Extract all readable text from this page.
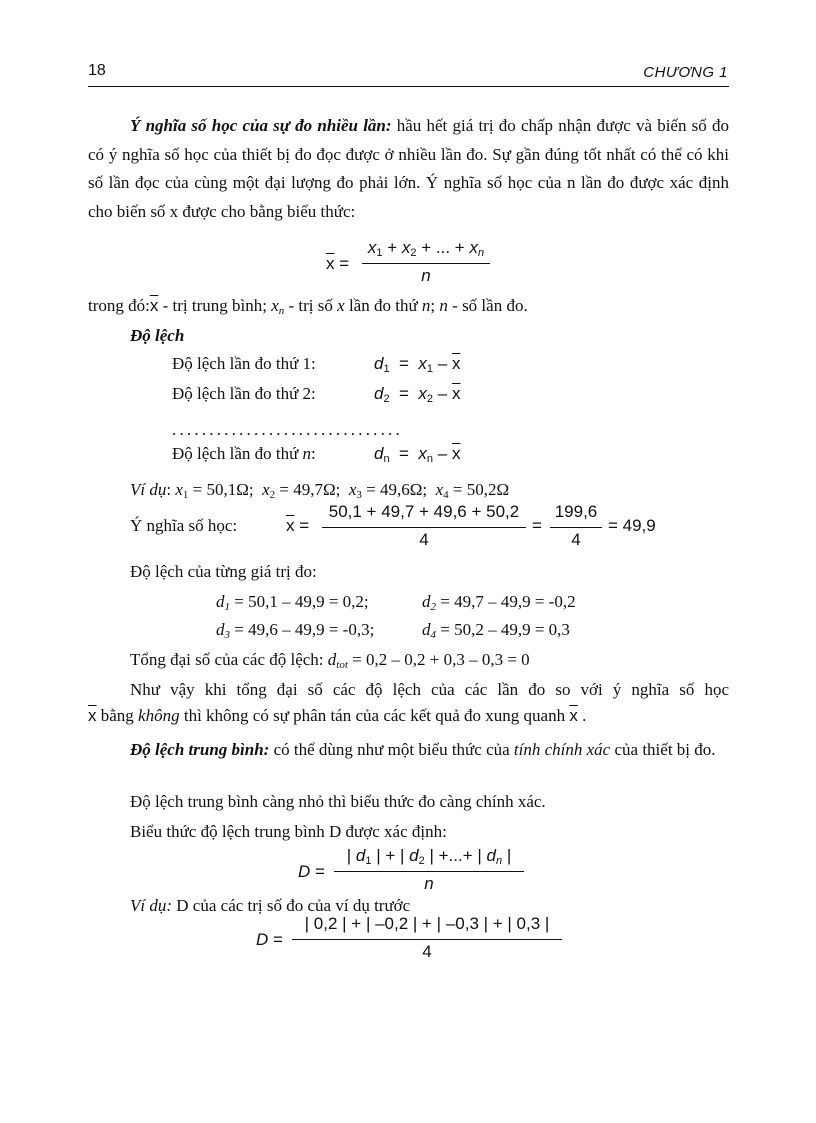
18	CHƯƠNG 1
Ý nghĩa số học của sự đo nhiều lần: hầu hết giá trị đo chấp nhận được và biến số đo có ý nghĩa số học của thiết bị đo đọc được ở nhiều lần đo. Sự gần đúng tốt nhất có thể có khi số lần đọc của cùng một đại lượng đo phải lớn. Ý nghĩa số học của n lần đo được xác định cho biến số x được cho bằng biểu thức:
$\overline{x}$ =
$x_1 + x_2$ + ... + $x_n$
n
trong $đó:\overline{x}$ - trị trung bình; $x_n$ - trị số x lần đo thứ n; n - số lần đo.
Độ lệch
Độ lệch lần đo thứ 1:	$d_1 = x_1 - \overline{x}$
Độ lệch lần đo thứ 2:	$d_2 = x_2 - \overline{x}$
...............................
Độ lệch lần đo thứ n:	$d_n = x_n - \overline{x}$
Ví dụ: $x_1 = 50,1\Omega$; $x_2 = 49,7\Omega$; $x_3 = 49,6\Omega$; $x_4 = 50,2\Omega$
Ý nghĩa số học:	$\overline{x}$ =
50,1 + 49,7 + 49,6 + 50,2
4
=
199,6
4
= 49,9
Độ lệch của từng giá trị đo:
$d_1 = 50,1 - 49,9 = 0,2$;	$d_2 = 49,7 - 49,9 = -0,2$
$d_3 = 49,6 - 49,9 = -0,3$;	$d_4 = 50,2 - 49,9 = 0,3$
Tổng đại số của các độ lệch: $d_{tot} = 0,2 - 0,2 + 0,3 - 0,3 = 0$
Như vậy khi tổng đại số các độ lệch của các lần đo so với ý nghĩa số học
$\overline{x}$ bằng không thì không có sự phân tán của các kết quả đo xung quanh $\overline{x}$ .
Độ lệch trung bình: có thể dùng như một biểu thức của tính chính xác của thiết bị đo.
Độ lệch trung bình càng nhỏ thì biểu thức đo càng chính xác.
Biểu thức độ lệch trung bình D được xác định:
D =
| $d_1$ | + | $d_2$ | +...+ | $d_n$ |
n
Ví dụ: D của các trị số đo của ví dụ trước
D =
| 0,2 | + | –0,2 | + | –0,3 | + | 0,3 |
4
